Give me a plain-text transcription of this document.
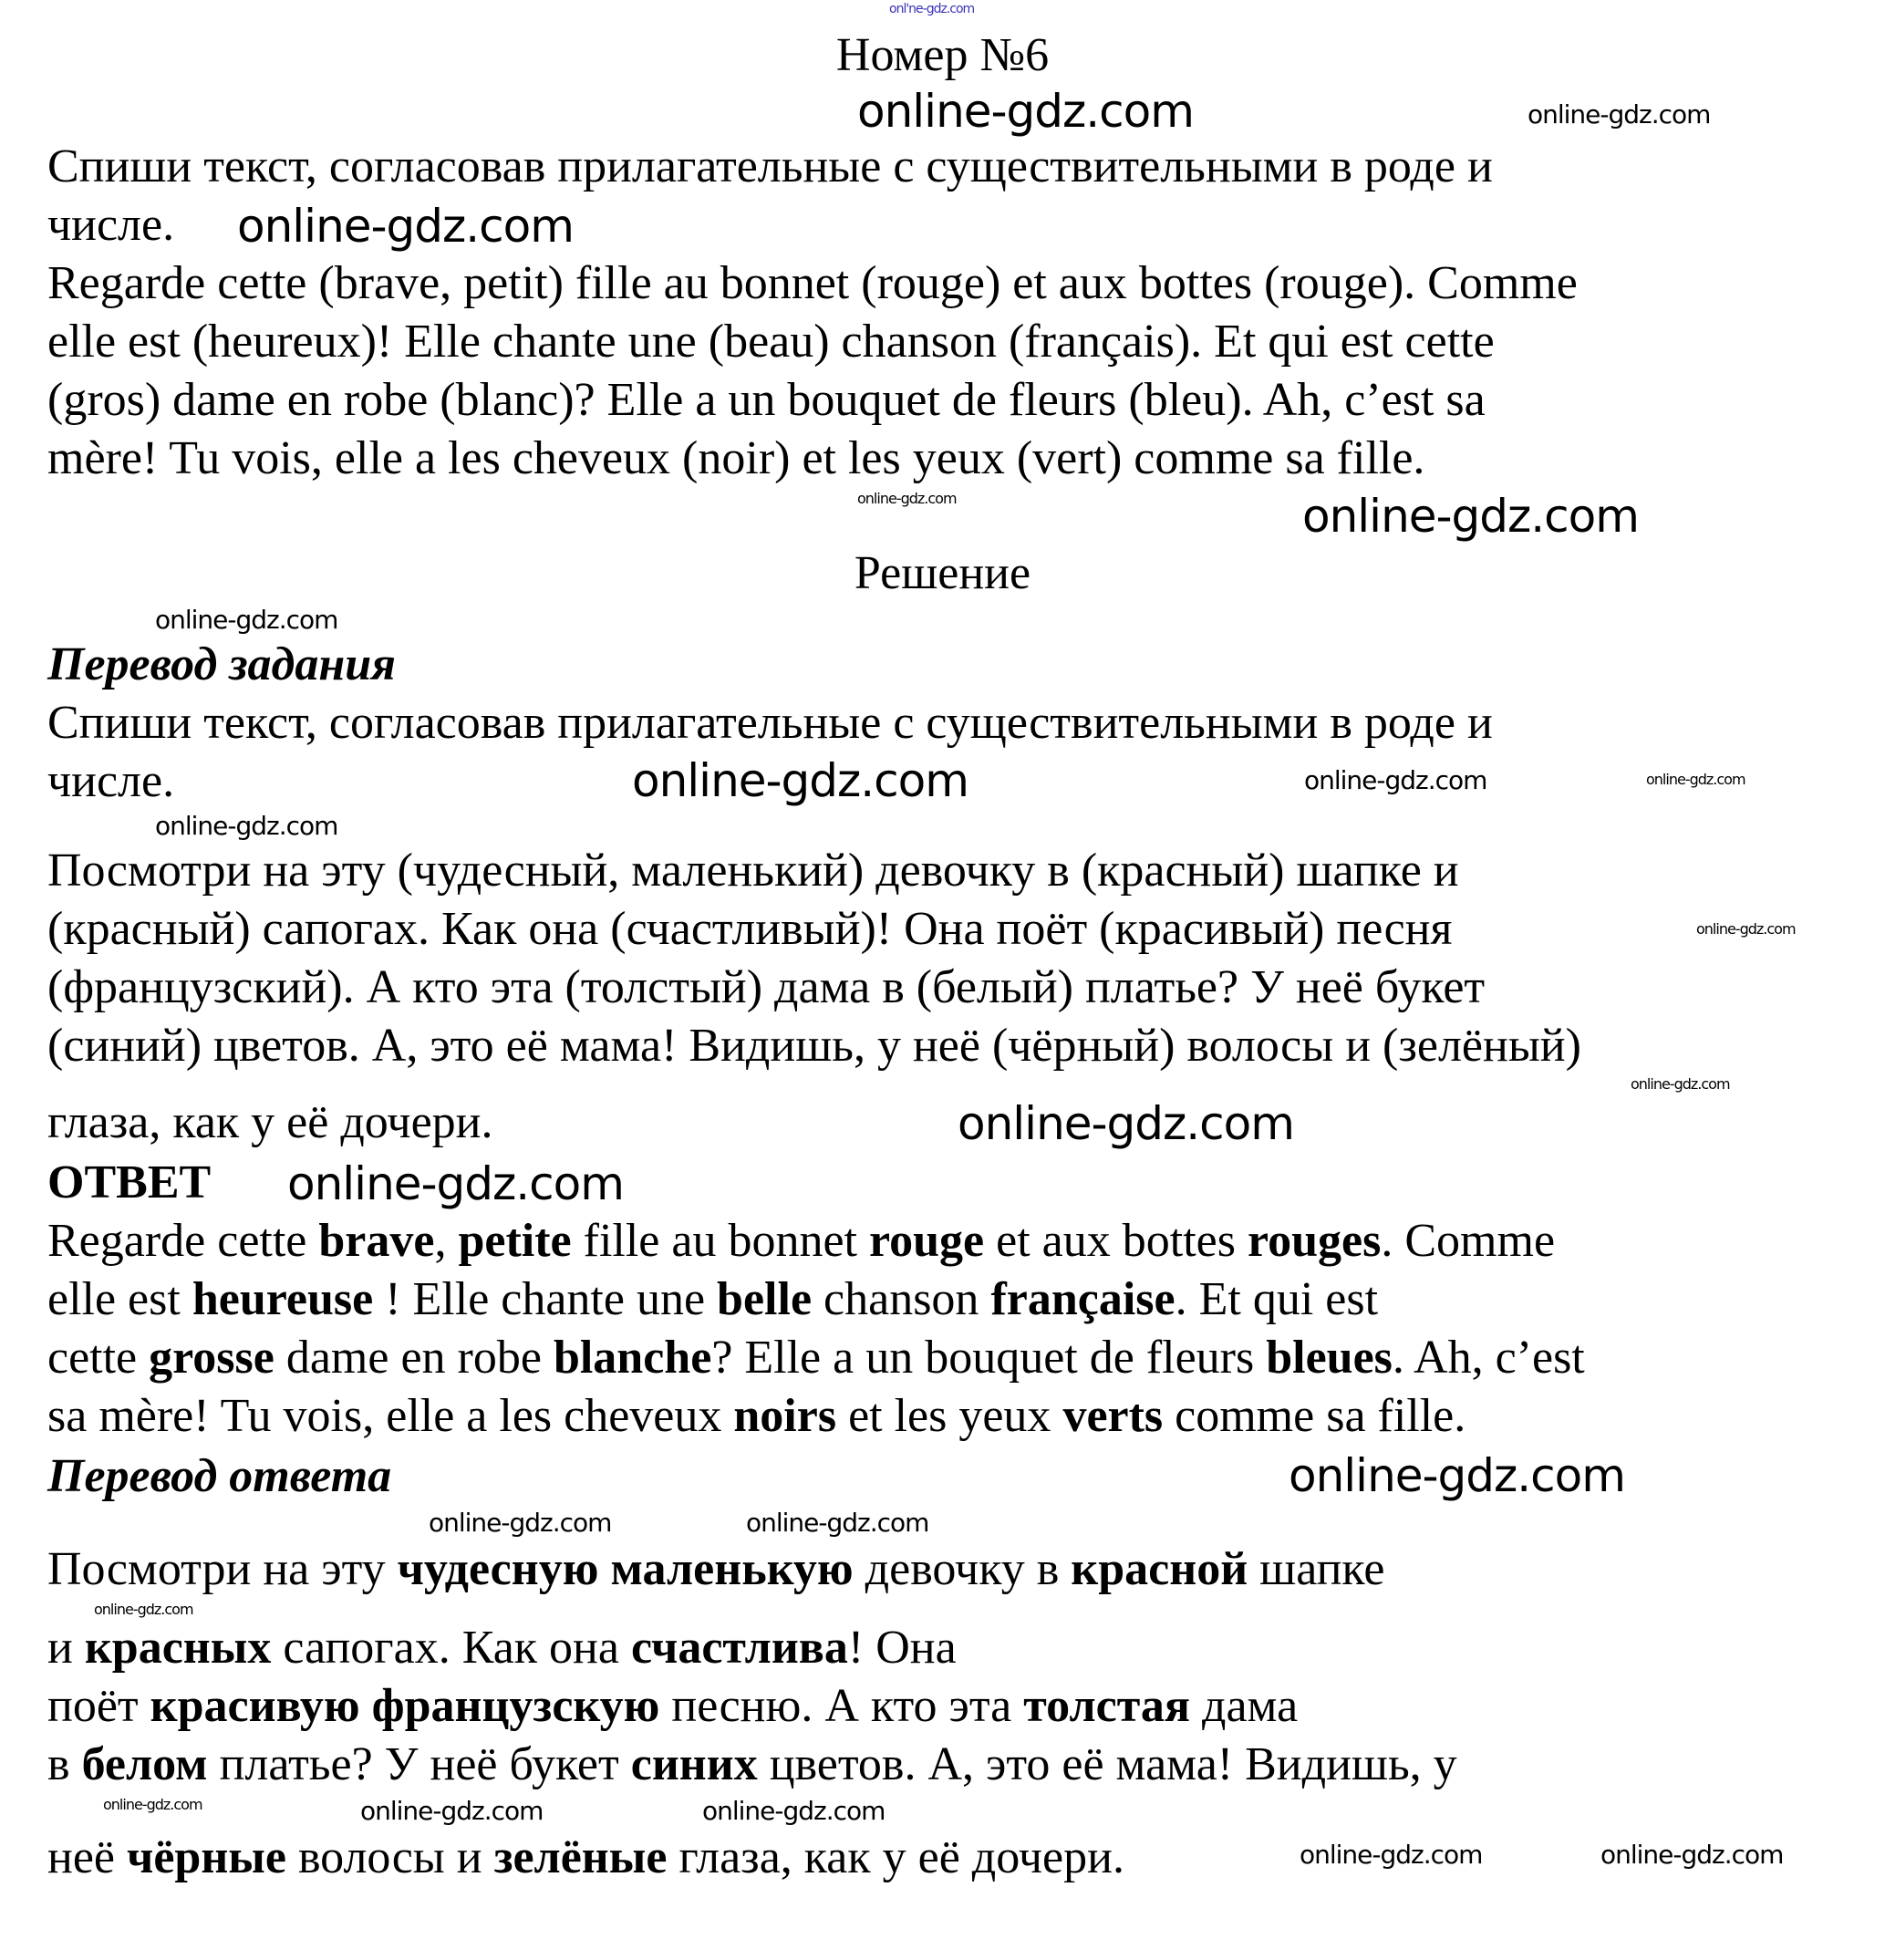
onl'ne-gdz.com
Номер №6
online-gdz.com	online-gdz.com
Спиши текст, согласовав прилагательные с существительными в роде и
числе. online-gdz.com
Regarde cette (brave, petit) fille au bonnet (rouge) et aux bottes (rouge). Comme
elle est (heureux)! Elle chante une (beau) chanson (français). Et qui est cette
(gros) dame en robe (blanc)? Elle a un bouquet de fleurs (bleu). Ah, c’est sa
mère! Tu vois, elle a les cheveux (noir) et les yeux (vert) comme sa fille.
online-gdz.com	online-gdz.com
Решение
online-gdz.com
Перевод задания
Спиши текст, согласовав прилагательные с существительными в роде и
числе.	online-gdz.com	online-gdz.com	online-gdz.com
online-gdz.com
Посмотри на эту (чудесный, маленький) девочку в (красный) шапке и
(красный) сапогах. Как она (счастливый)! Она поёт (красивый) песня	online-gdz.com
(французский). А кто эта (толстый) дама в (белый) платье? У неё букет
(синий) цветов. А, это её мама! Видишь, у неё (чёрный) волосы и (зелёный)
online-gdz.com
глаза, как у её дочери.	online-gdz.com
ОТВЕТ online-gdz.com
Regarde cette brave, petite fille au bonnet rouge et aux bottes rouges. Comme
elle est heureuse ! Elle chante une belle chanson française. Et qui est
cette grosse dame en robe blanche? Elle a un bouquet de fleurs bleues. Ah, c’est
sa mère! Tu vois, elle a les cheveux noirs et les yeux verts comme sa fille.
Перевод ответа	online-gdz.com
online-gdz.com	online-gdz.com
Посмотри на эту чудесную маленькую девочку в красной шапке
online-gdz.com
и красных сапогах. Как она счастлива! Она
поёт красивую французскую песню. А кто эта толстая дама
в белом платье? У неё букет синих цветов. А, это её мама! Видишь, у
online-gdz.com	online-gdz.com	online-gdz.com
неё чёрные волосы и зелёные глаза, как у её дочери.	online-gdz.com	online-gdz.com
